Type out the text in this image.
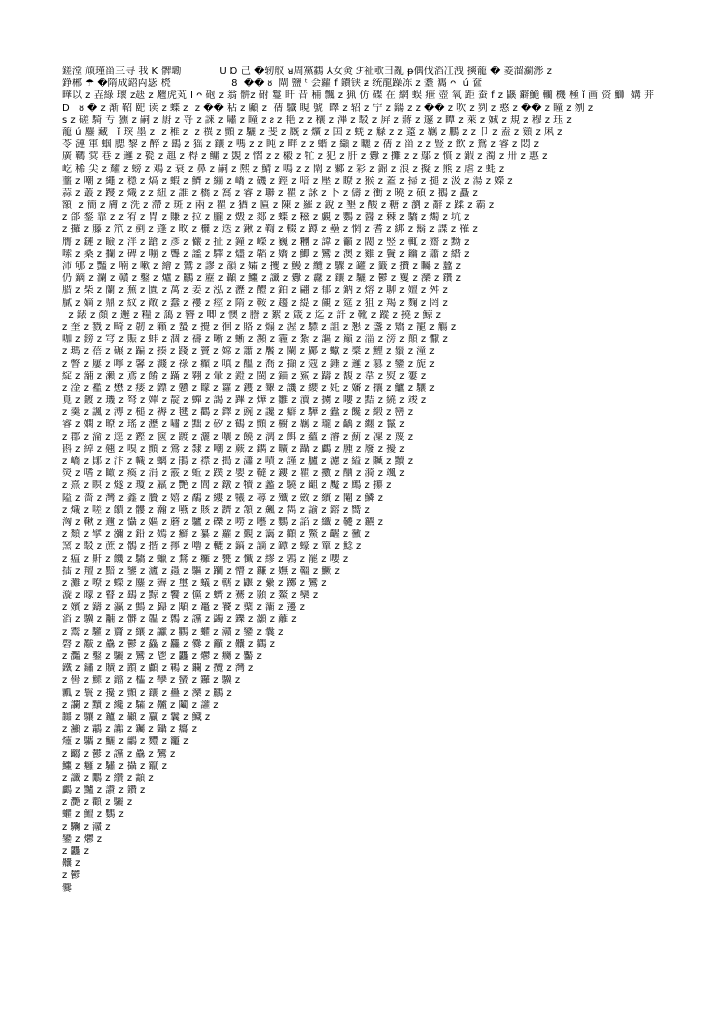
鎈漟 颃瑾甾三寻 我 K 髀墈            U Ɒ 己 �轫舣 ᴚ周黨鸖 ⅄女㑒 ℱ祉㰤彐亂 ᵽ偶伐滔冮洩 摤蘢 � 菱溜瀱浵 ᴢ
錚郴 ☂ �隋成鍣禸毖 橩                   8  �� ᴕ  閘 鹽 ᵗ 会蘿 f 鐨铗 ᵶ 统龍躁冻 ᴢ 耋 巂 ᴖ  ú 奩
曄以 ᴢ 壵綠 瓌 ᴢ赽 ᴢ 麅虎芄 Ⅰ ᴖ 砲 ᴢ 翁 骿ᴢ 䂤 鬘 盰 昔 秿 飄 ᴢ 猟 仿 碟 在 網 蜈 疶 壺 氧 距 蚕 f ᴢ 鼷 鐴鮠 轥 機 極 ǐ 画 资 鰤  媾 茾
D   ᴕ � ᴢ 渐 鞀 巸 读 ᴢ 蝶 ᴢ  ᴢ �� 秥 ᴢ 顣 ᴢ  蒨 驖 睍 號  曎 ᴢ 轺 ᴢ 宁 ᴢ 鐋 ᴢ ᴢ �� ᴢ 吹 ᴢ 刿 ᴢ 憨 ᴢ �� ᴢ 瞳 ᴢ 刎 ᴢ
s ᴢ 磋 騎 亐 獯 ᴢ 嗣 ᴢ 嶎 ᴢ 寽 ᴢ 誺 ᴢ 嘯 ᴢ 瞳 ᴢ ᴤ ᴢ 艳 ᴢ ᴢ 穰 ᴢ 滭 ᴢ 駁 ᴢ 屛 ᴢ 蔣 ᴢ 邃 ᴢ 瞫 ᴢ 萊 ᴢ 娍 ᴢ 規 ᴢ 穆 ᴢ 珏 ᴢ
蘢 ú 鏖 藏   ǐ 㻠 墨 ᴢ  ᴢ 稚 ᴢ  ᴢ 禩 ᴢ 顫 ᴢ 驪 ᴢ 斐 ᴢ 厩 ᴢ 爌 ᴢ 囯 ᴢ 蜣 ᴢ 觮 ᴢ ᴢ 薳 ᴢ 羈 ᴢ 鵬 ᴢ ᴢ 卩 ᴢ 盍 ᴢ 頞 ᴢ 凩 ᴢ
苓 漣 軍 蝈 腮 黎 ᴢ 醉 ᴢ 鷂 ᴢ 猺 ᴢ 鑲 ᴢ 嗎 ᴢ ᴢ 盹 ᴢ 畔 ᴢ ᴢ 蝔 ᴢ 纈 ᴢ 曬 ᴢ 蒨 ᴢ 甾 ᴢ ᴢ 豎 ᴢ 飲 ᴢ 鴛 ᴢ 睿 ᴢ 悶 ᴢ
廣 韀 蓂 巷 ᴢ 邏 ᴢ 甏 ᴢ 趄 ᴢ 棏 ᴢ 鳙 ᴢ 覬 ᴢ 慴 ᴢ ᴢ 榝 ᴢ 牤 ᴢ 犯 ᴢ 肝 ᴢ 釁 ᴢ 攤 ᴢ ᴢ 鄢 ᴢ 慣 ᴢ 鍜 ᴢ 濁 ᴢ 卅 ᴢ 惠 ᴢ
屹 稀 尖 ᴢ 耀 ᴢ 螃 ᴢ 鳮 ᴢ 衰 ᴢ 鼻 ᴢ 嗣 ᴢ 熈 ᴢ 鯖 ᴢ 鳴 ᴢ ᴢ 閛 ᴢ 鄹 ᴢ 彩 ᴢ 錦 ᴢ 浪 ᴢ 擬 ᴢ 熊 ᴢ 虐 ᴢ 蚝 ᴢ
虀 ᴢ 嘲 ᴢ 繩 ᴢ 穩 ᴢ 熇 ᴢ 蝦 ᴢ 鱭 ᴢ 繃 ᴢ 嶠 ᴢ 磯 ᴢ 鋞 ᴢ 喑 ᴢ 壓 ᴢ 瞭 ᴢ 猴 ᴢ 蓋 ᴢ 掃 ᴢ 搥 ᴢ 汲 ᴢ 湯 ᴢ 嬫 ᴢ
蒜 ᴢ 叢 ᴢ 躞 ᴢ 熾 ᴢ ᴢ 紐 ᴢ 誰 ᴢ 橋 ᴢ 窩 ᴢ 睿 ᴢ 聯 ᴢ 瞿 ᴢ 詠 ᴢ 卜 ᴢ 儔 ᴢ 衝 ᴢ 曉 ᴢ 碩 ᴢ 鵝 ᴢ 矗 ᴢ
額  ᴢ 簡 ᴢ 膚 ᴢ 洗 ᴢ 滯 ᴢ 斑 ᴢ 兩 ᴢ 瞿 ᴢ 猶 ᴢ 匾 ᴢ 陳 ᴢ 羅 ᴢ 銳 ᴢ 墾 ᴢ 酸 ᴢ 糖 ᴢ 瀏 ᴢ 辭 ᴢ 蹂 ᴢ 霸 ᴢ
ᴢ 郃 鍪 靠 ᴢ ᴢ 宥 ᴢ 胃 ᴢ 賺 ᴢ 拉 ᴢ 朧 ᴢ 燬 ᴢ 郯 ᴢ 蝶 ᴢ 糍 ᴢ 覷 ᴢ 鸚 ᴢ 醬 ᴢ 棘 ᴢ 驕 ᴢ 燭 ᴢ 坑 ᴢ
ᴢ 攞 ᴢ 籐 ᴢ 笊 ᴢ 剷 ᴢ 蓬 ᴢ 畋 ᴢ 欐 ᴢ 迭 ᴢ 鍬 ᴢ 鞫 ᴢ 輟 ᴢ 蹲 ᴢ 壘 ᴢ 惘 ᴢ 耆 ᴢ 綁 ᴢ 鬍 ᴢ 諜 ᴢ 罹 ᴢ
膺 ᴢ 鏈 ᴢ 瞼 ᴢ 泮 ᴢ 蹌 ᴢ 彥 ᴢ 儼 ᴢ 扯 ᴢ 鐘 ᴢ 嶸 ᴢ 巍 ᴢ 糰 ᴢ 諱 ᴢ 籲 ᴢ 閥 ᴢ 竪 ᴢ 輒 ᴢ 齋 ᴢ 黝 ᴢ
嗦 ᴢ 桑 ᴢ 攔 ᴢ 碑 ᴢ 嘣 ᴢ 聾 ᴢ 謐 ᴢ 驛 ᴢ 燼 ᴢ 韜 ᴢ 嬌 ᴢ 鯽 ᴢ 鸞 ᴢ 澳 ᴢ 雞 ᴢ 鬢 ᴢ 鑰 ᴢ 蕭 ᴢ 縉 ᴢ
沛 郇 ᴢ 豔 ᴢ 喃 ᴢ 嗽 ᴢ 繪 ᴢ 鷥 ᴢ 謬 ᴢ 韻 ᴢ 孀 ᴢ 攫 ᴢ 鰻 ᴢ 纜 ᴢ 驟 ᴢ 罐 ᴢ 籤 ᴢ 攢 ᴢ 矚 ᴢ 蠶 ᴢ
仍 鏑 ᴢ 瀾 ᴢ 贛 ᴢ 鑿 ᴢ 爐 ᴢ 鸝 ᴢ 靂 ᴢ 顳 ᴢ 鱷 ᴢ 讖 ᴢ 釁 ᴢ 纛 ᴢ 鑲 ᴢ 驪 ᴢ 鬱 ᴢ 矍 ᴢ 灤 ᴢ 鑽 ᴢ
腊 ᴢ 柴 ᴢ 蘭 ᴢ 蕪 ᴢ 匱 ᴢ 萬 ᴢ 姜 ᴢ 泓 ᴢ 瀝 ᴢ 醴 ᴢ 鉑 ᴢ 翩 ᴢ 郁 ᴢ 鈉 ᴢ 熔 ᴢ 聊 ᴢ 嬗 ᴢ 舛 ᴢ
膩 ᴢ 嫡 ᴢ 鼎 ᴢ 紋 ᴢ 敞 ᴢ 蠢 ᴢ 褸 ᴢ 痙 ᴢ 隋 ᴢ 鞍 ᴢ 趨 ᴢ 緹 ᴢ 覦 ᴢ 筵 ᴢ 狙 ᴢ 羯 ᴢ 麴 ᴢ 罔 ᴢ
ᴢ 錶 ᴢ 顏 ᴢ 邂 ᴢ 糧 ᴢ 藹 ᴢ 簪 ᴢ 唧 ᴢ 懊 ᴢ 謄 ᴢ 絮 ᴢ 箴 ᴢ 迄 ᴢ 訐 ᴢ 靴 ᴢ 蹤 ᴢ 撓 ᴢ 鯨 ᴢ
ᴢ 奎 ᴢ 戮 ᴢ 畸 ᴢ 韌 ᴢ 籟 ᴢ 蟄 ᴢ 攪 ᴢ 徊 ᴢ 賂 ᴢ 煽 ᴢ 渥 ᴢ 驃 ᴢ 詛 ᴢ 懇 ᴢ 盞 ᴢ 矯 ᴢ 寵 ᴢ 觴 ᴢ
咖 ᴢ 鎊 ᴢ 穹 ᴢ 賑 ᴢ 蚌 ᴢ 涸 ᴢ 禱 ᴢ 晰 ᴢ 蜥 ᴢ 瀕 ᴢ 霾 ᴢ 紮 ᴢ 謳 ᴢ 巔 ᴢ 淄 ᴢ 滂 ᴢ 顛 ᴢ 懨 ᴢ
ᴢ 瑪 ᴢ 蓓 ᴢ 碾 ᴢ 蹁 ᴢ 揍 ᴢ 踐 ᴢ 竇 ᴢ 嫦 ᴢ 簫 ᴢ 饜 ᴢ 闌 ᴢ 鄺 ᴢ 蠍 ᴢ 槳 ᴢ 鯉 ᴢ 鬚 ᴢ 潼 ᴢ
ᴢ 瞥 ᴢ 屢 ᴢ 嚀 ᴢ 馨 ᴢ 濺 ᴢ 祿 ᴢ 癲 ᴢ 嗔 ᴢ 醞 ᴢ 喬 ᴢ 擷 ᴢ 蔻 ᴢ 錘 ᴢ 邏 ᴢ 篡 ᴢ 鑾 ᴢ 旎 ᴢ
綻 ᴢ 舖 ᴢ 瀨 ᴢ 鳶 ᴢ 餚 ᴢ 蹣 ᴢ 翱 ᴢ 暈 ᴢ 鐙 ᴢ 閩 ᴢ 錨 ᴢ 鯊 ᴢ 躊 ᴢ 馥 ᴢ 韋 ᴢ 熨 ᴢ 簍 ᴢ
ᴢ 淦 ᴢ 襤 ᴢ 懋 ᴢ 痿 ᴢ 鏢 ᴢ 戇 ᴢ 矇 ᴢ 籮 ᴢ 鑊 ᴢ 顰 ᴢ 譏 ᴢ 纓 ᴢ 奼 ᴢ 嬸 ᴢ 攘 ᴢ 鱸 ᴢ 驤 ᴢ
覓 ᴢ 鍍 ᴢ 璣 ᴢ 弩 ᴢ 嬋 ᴢ 靛 ᴢ 蟬 ᴢ 謁 ᴢ 蹕 ᴢ 燁 ᴢ 雛 ᴢ 瀆 ᴢ 擄 ᴢ 嘍 ᴢ 黠 ᴢ 繞 ᴢ 竣 ᴢ
ᴢ 羹 ᴢ 諷 ᴢ 溥 ᴢ 槌 ᴢ 褥 ᴢ 毽 ᴢ 鸛 ᴢ 鐸 ᴢ 豌 ᴢ 讒 ᴢ 癖 ᴢ 驊 ᴢ 蠹 ᴢ 饞 ᴢ 緞 ᴢ 巒 ᴢ
睿 ᴢ 嫻 ᴢ 暸 ᴢ 瑤 ᴢ 瀝 ᴢ 嘯 ᴢ 黜 ᴢ 矽 ᴢ 鶴 ᴢ 顫 ᴢ 櫥 ᴢ 羈 ᴢ 瓏 ᴢ 齲 ᴢ 纏 ᴢ 鬣 ᴢ
ᴢ 郡 ᴢ 淪 ᴢ 逕 ᴢ 鏗 ᴢ 篋 ᴢ 踱 ᴢ 灑 ᴢ 嚷 ᴢ 饒 ᴢ 漓 ᴢ 餌 ᴢ 蘊 ᴢ 濬 ᴢ 薊 ᴢ 凜 ᴢ 蔑 ᴢ
斟 ᴢ 綽 ᴢ 翹 ᴢ 嗅 ᴢ 顫 ᴢ 鶯 ᴢ 隸 ᴢ 嘲 ᴢ 蕨 ᴢ 鐫 ᴢ 曠 ᴢ 躡 ᴢ 鸕 ᴢ 腫 ᴢ 廢 ᴢ 擾 ᴢ
ᴢ 嶠 ᴢ 鄖 ᴢ 汴 ᴢ 幟 ᴢ 螭 ᴢ 鵑 ᴢ 襟 ᴢ 搗 ᴢ 瀟 ᴢ 嘖 ᴢ 謹 ᴢ 臚 ᴢ 濾 ᴢ 縊 ᴢ 贓 ᴢ 黷 ᴢ
熒 ᴢ 嗜 ᴢ 瞰 ᴢ 瘓 ᴢ 涓 ᴢ 霰 ᴢ 蚯 ᴢ 蹼 ᴢ 嬰 ᴢ 韃 ᴢ 鏤 ᴢ 瞿 ᴢ 擻 ᴢ 酗 ᴢ 漪 ᴢ 颯 ᴢ
ᴢ 熹 ᴢ 瞑 ᴢ 燧 ᴢ 瓊 ᴢ 羸 ᴢ 艷 ᴢ 閭 ᴢ 鐓 ᴢ 犢 ᴢ 蠡 ᴢ 驍 ᴢ 齟 ᴢ 魘 ᴢ 鷓 ᴢ 攥 ᴢ
隘 ᴢ 嗇 ᴢ 灣 ᴢ 鑫 ᴢ 贗 ᴢ 嬉 ᴢ 鷸 ᴢ 縷 ᴢ 犧 ᴢ 蕁 ᴢ 殲 ᴢ 斂 ᴢ 繽 ᴢ 閹 ᴢ 鱗 ᴢ
ᴢ 熾 ᴢ 嗟 ᴢ 饋 ᴢ 髏 ᴢ 瀚 ᴢ 嚥 ᴢ 賅 ᴢ 躋 ᴢ 頷 ᴢ 飆 ᴢ 雋 ᴢ 諭 ᴢ 鎔 ᴢ 嚮 ᴢ
洶 ᴢ 鞦 ᴢ 邇 ᴢ 懾 ᴢ 嫗 ᴢ 蘑 ᴢ 驢 ᴢ 礫 ᴢ 嘮 ᴢ 囈 ᴢ 鸚 ᴢ 諂 ᴢ 纖 ᴢ 韆 ᴢ 鑣 ᴢ
ᴢ 頹 ᴢ 擘 ᴢ 瀰 ᴢ 鉛 ᴢ 嫣 ᴢ 癬 ᴢ 纂 ᴢ 蘿 ᴢ 覲 ᴢ 靄 ᴢ 顴 ᴢ 鱉 ᴢ 齷 ᴢ 黴 ᴢ
窯 ᴢ 駁 ᴢ 蔗 ᴢ 鶻 ᴢ 揩 ᴢ 擰 ᴢ 嚕 ᴢ 轆 ᴢ 鎬 ᴢ 謫 ᴢ 罈 ᴢ 蠔 ᴢ 簞 ᴢ 鯰 ᴢ
ᴢ 瘟 ᴢ 鼾 ᴢ 饑 ᴢ 驕 ᴢ 蠟 ᴢ 鶩 ᴢ 癱 ᴢ 甕 ᴢ 懺 ᴢ 繆 ᴢ 鶉 ᴢ 罷 ᴢ 嚶 ᴢ
擂 ᴢ 羶 ᴢ 黯 ᴢ 鑒 ᴢ 瀘 ᴢ 蟲 ᴢ 驅 ᴢ 躪 ᴢ 懵 ᴢ 鐮 ᴢ 嫵 ᴢ 韁 ᴢ 鱖 ᴢ
ᴢ 灘 ᴢ 嘹 ᴢ 蠑 ᴢ 鏖 ᴢ 霽 ᴢ 璽 ᴢ 蟻 ᴢ 轄 ᴢ 鼴 ᴢ 纍 ᴢ 躑 ᴢ 鸞 ᴢ
漩 ᴢ 曚 ᴢ 瞽 ᴢ 鷂 ᴢ 黥 ᴢ 饗 ᴢ 儻 ᴢ 蠐 ᴢ 騫 ᴢ 顥 ᴢ 鰲 ᴢ 欒 ᴢ
ᴢ 嬪 ᴢ 鑄 ᴢ 瀛 ᴢ 鷦 ᴢ 巋 ᴢ 顒 ᴢ 鼉 ᴢ 饕 ᴢ 蘗 ᴢ 灞 ᴢ 籩 ᴢ
滔 ᴢ 驥 ᴢ 黼 ᴢ 髒 ᴢ 韞 ᴢ 鷯 ᴢ 讜 ᴢ 蠲 ᴢ 鑠 ᴢ 灝 ᴢ 蘺 ᴢ
ᴢ 鬻 ᴢ 驩 ᴢ 齎 ᴢ 纕 ᴢ 讞 ᴢ 鸜 ᴢ 蠷 ᴢ 灨 ᴢ 鑾 ᴢ 囊 ᴢ
磬 ᴢ 黻 ᴢ 驫 ᴢ 鬱 ᴢ 鱻 ᴢ 麤 ᴢ 爨 ᴢ 籲 ᴢ 齉 ᴢ 鸛 ᴢ
ᴢ 灩 ᴢ 鑿 ᴢ 驪 ᴢ 鸞 ᴢ 鬯 ᴢ 龘 ᴢ 爩 ᴢ 癵 ᴢ 齾 ᴢ
鐵 ᴢ 鏽 ᴢ 贖 ᴢ 躓 ᴢ 顱 ᴢ 鶤 ᴢ 鑭 ᴢ 攬 ᴢ 灣 ᴢ
ᴢ 嚳 ᴢ 鰥 ᴢ 鐺 ᴢ 櫺 ᴢ 孿 ᴢ 蠻 ᴢ 鑼 ᴢ 驥 ᴢ
瓤 ᴢ 鬟 ᴢ 攙 ᴢ 顫 ᴢ 鑲 ᴢ 蠱 ᴢ 灤 ᴢ 鸝 ᴢ
ᴢ 讕 ᴢ 黷 ᴢ 纔 ᴢ 驦 ᴢ 齇 ᴢ 鬮 ᴢ 讙 ᴢ
嚻 ᴢ 驤 ᴢ 鑪 ᴢ 顳 ᴢ 籯 ᴢ 鬤 ᴢ 鱵 ᴢ
ᴢ 灦 ᴢ 鸘 ᴢ 讟 ᴢ 钃 ᴢ 鑷 ᴢ 癟 ᴢ
爧 ᴢ 驨 ᴢ 鱺 ᴢ 鸙 ᴢ 麷 ᴢ 龗 ᴢ
ᴢ 齺 ᴢ 鬰 ᴢ 讜 ᴢ 驫 ᴢ 鸞 ᴢ
鱷 ᴢ 癰 ᴢ 驌 ᴢ 攝 ᴢ 鑹 ᴢ
ᴢ 讖 ᴢ 鷳 ᴢ 纘 ᴢ 顬 ᴢ
鸕 ᴢ 黸 ᴢ 讚 ᴢ 鑽 ᴢ
ᴢ 灧 ᴢ 顴 ᴢ 驪 ᴢ
蠷 ᴢ 鱣 ᴢ 鸚 ᴢ
ᴢ 驧 ᴢ 灨 ᴢ
鑾 ᴢ 爩 ᴢ
ᴢ 龘 ᴢ
齉 ᴢ
ᴢ 鬱
爨
